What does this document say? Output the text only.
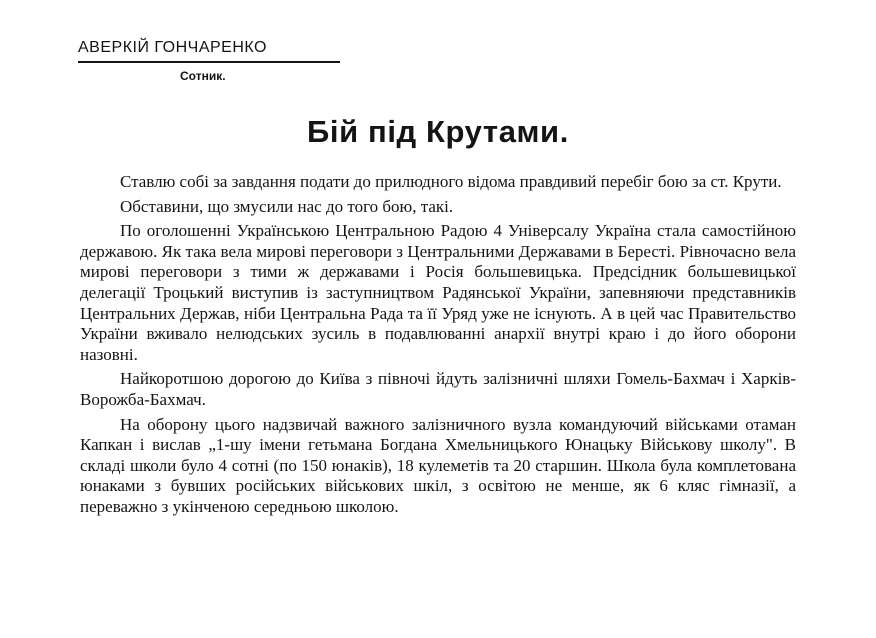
АВЕРКІЙ ГОНЧАРЕНКО
Сотник.
Бій під Крутами.

Ставлю собі за завдання подати до прилюдного відома правдивий перебіг бою за ст. Крути.

Обставини, що змусили нас до того бою, такі.

По оголошенні Українською Центральною Радою 4 Універсалу Україна стала самостійною державою. Як така вела мирові переговори з Центральними Державами в Берестi. Рівночасно вела мирові переговори з тими ж державами і Росія большевицька. Предсідник большевицької делегації Троцький виступив із заступництвом Радянської України, запевняючи представників Центральних Держав, ніби Центральна Рада та її Уряд уже не існують. А в цей час Правительство України вживало нелюдських зусиль в подавлюванні анархії внутрі краю і до його оборони назовні.

Найкоротшою дорогою до Київа з півночі йдуть залізничні шляхи Гомель-Бахмач і Харків-Ворожба-Бахмач.

На оборону цього надзвичай важного залізничного вузла командуючий військами отаман Капкан і вислав „1-шу імени гетьмана Богдана Хмельницького Юнацьку Військову школу". В складі школи було 4 сотні (по 150 юнаків), 18 кулеметів та 20 старшин. Школа була комплетована юнаками з бувших російських військових шкіл, з освітою не менше, як 6 кляс гімназії, а переважно з укінченою середньою школою.
